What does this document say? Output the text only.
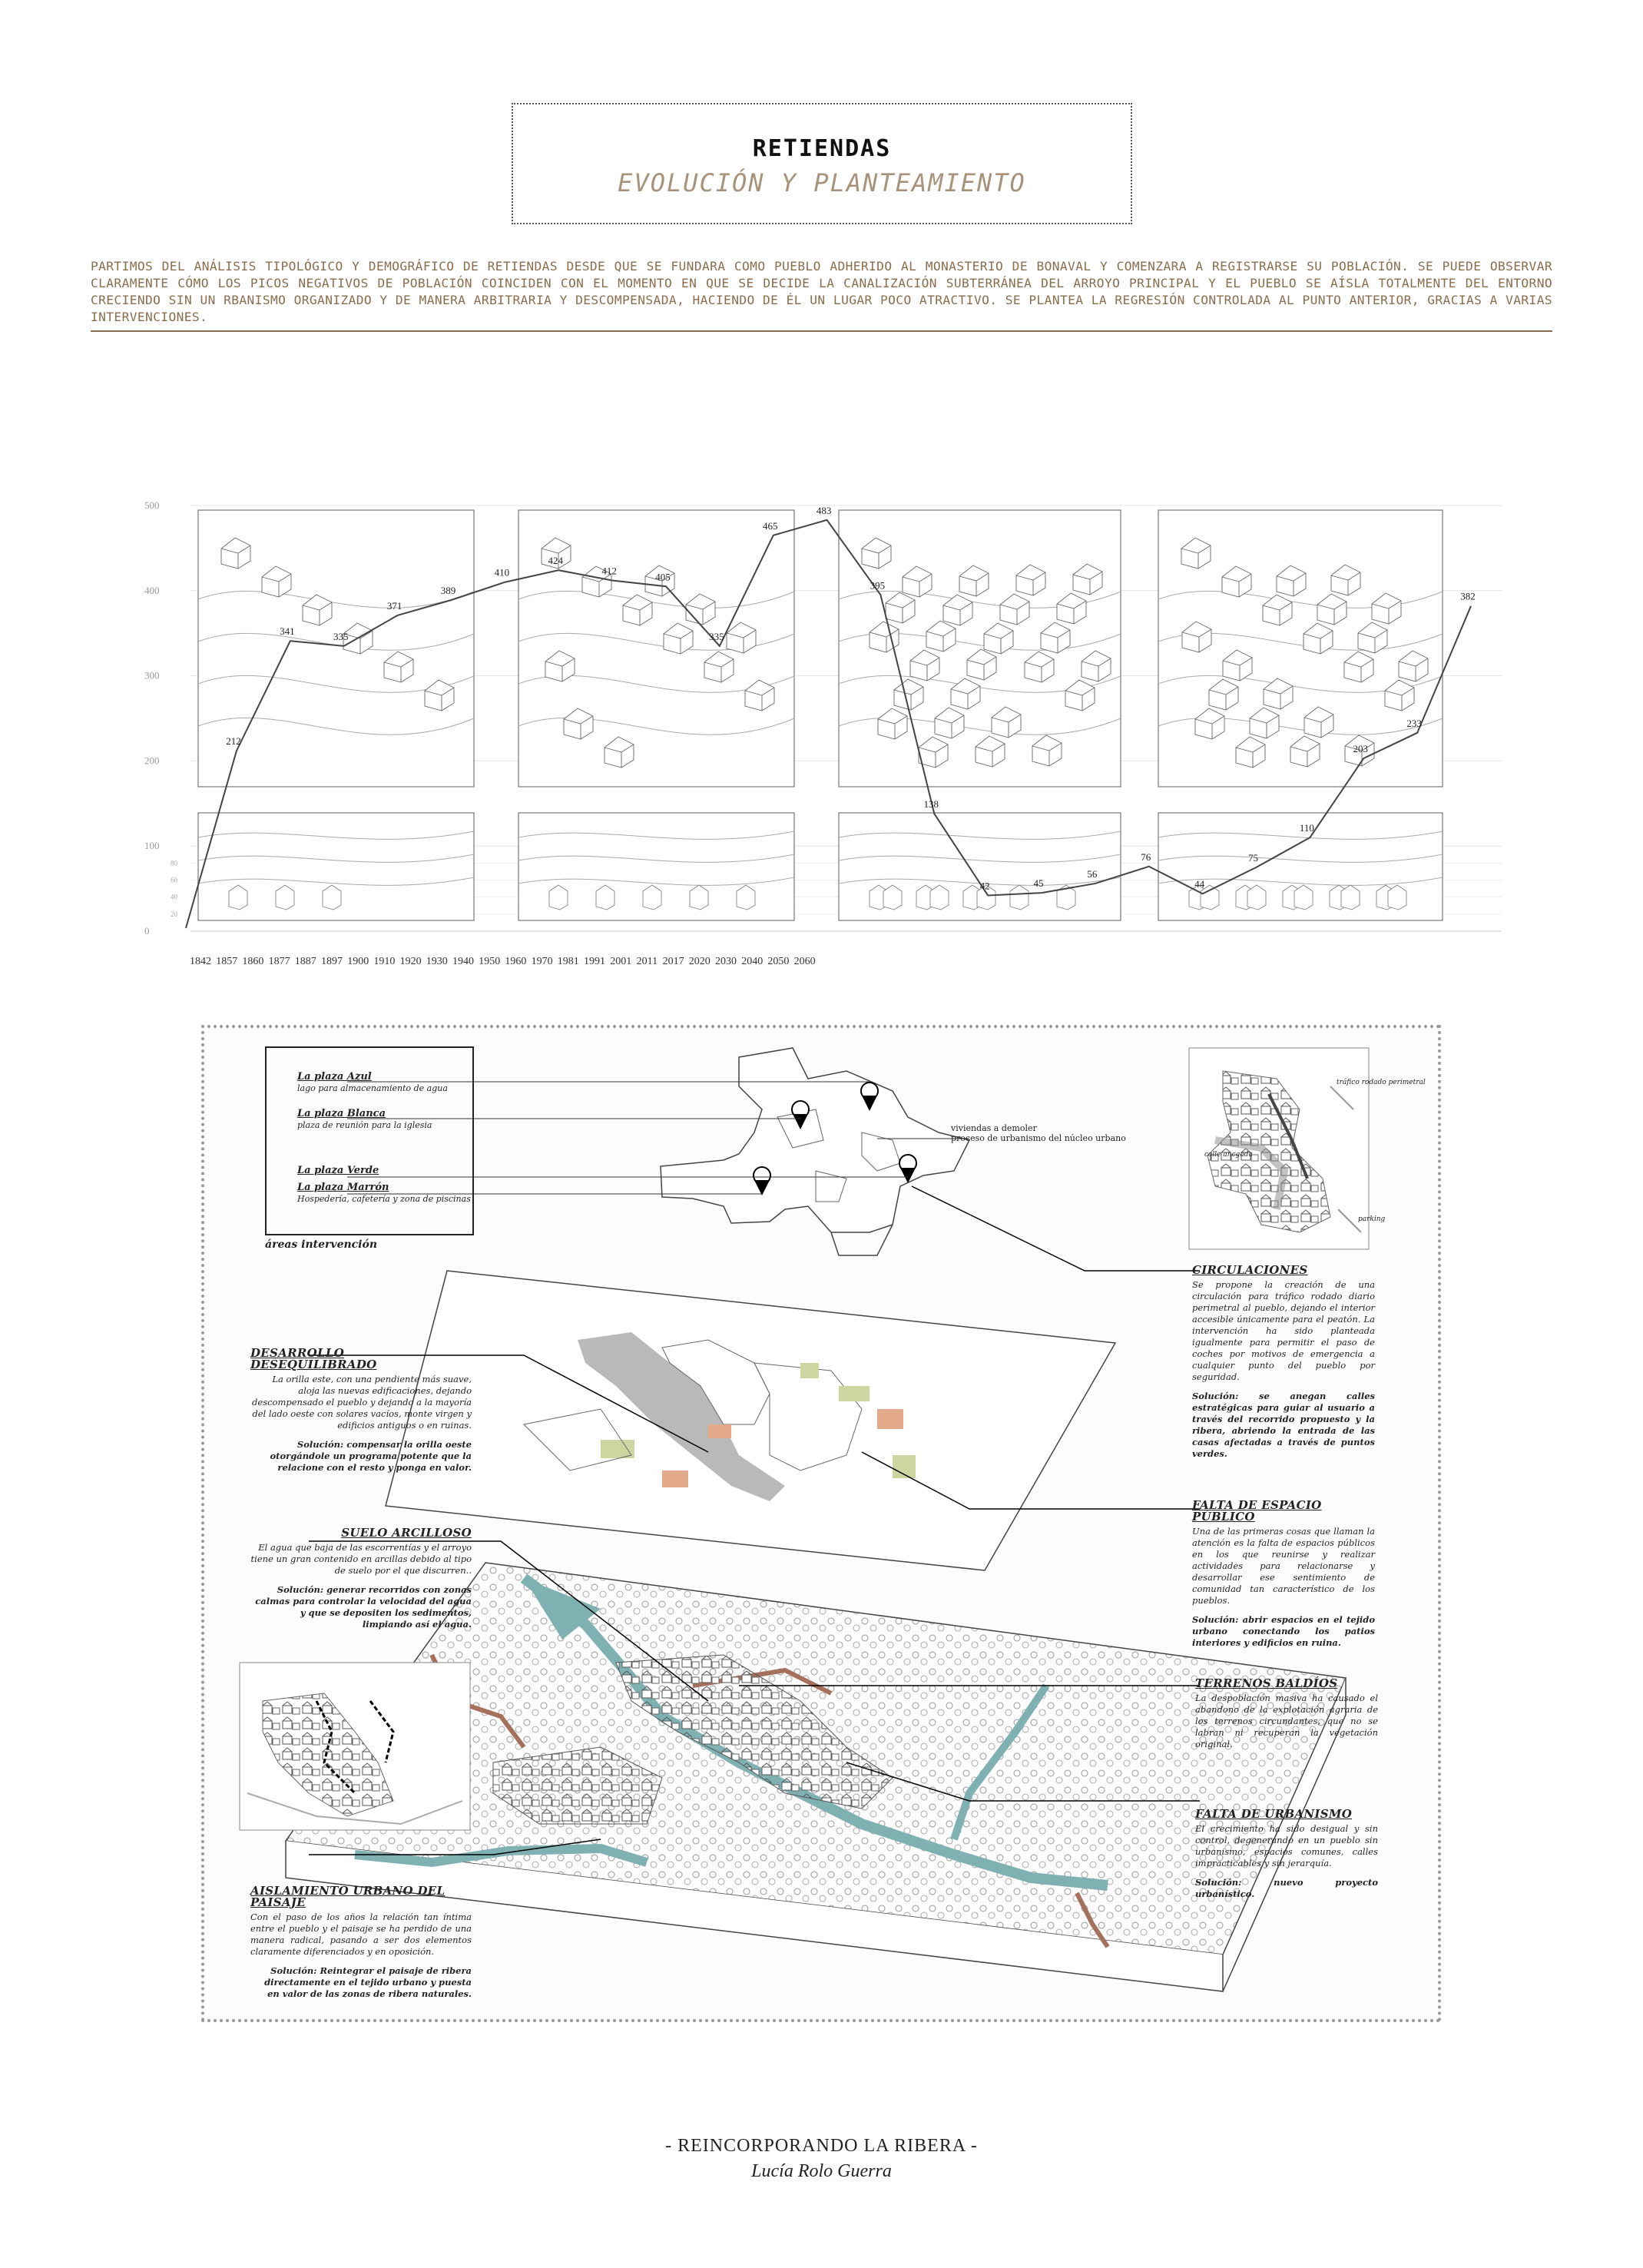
RETIENDAS
EVOLUCIÓN Y PLANTEAMIENTO
PARTIMOS DEL ANÁLISIS TIPOLÓGICO Y DEMOGRÁFICO DE RETIENDAS DESDE QUE SE FUNDARA COMO PUEBLO ADHERIDO AL MONASTERIO DE BONAVAL Y COMENZARA A REGISTRARSE SU POBLACIÓN. SE PUEDE OBSERVAR CLARAMENTE CÓMO LOS PICOS NEGATIVOS DE POBLACIÓN COINCIDEN CON EL MOMENTO EN QUE SE DECIDE LA CANALIZACIÓN SUBTERRÁNEA DEL ARROYO PRINCIPAL Y EL PUEBLO SE AÍSLA TOTALMENTE DEL ENTORNO CRECIENDO SIN UN RBANISMO ORGANIZADO Y DE MANERA ARBITRARIA Y DESCOMPENSADA, HACIENDO DE ÉL UN LUGAR POCO ATRACTIVO. SE PLANTEA LA REGRESIÓN CONTROLADA AL PUNTO ANTERIOR, GRACIAS A VARIAS INTERVENCIONES.
0
100
200
300
400
500
20
40
60
80
1842 1857 1860 1877 1887 1897 1900 1910 1920 1930 1940 1950 1960 1970 1981 1991 2001 2011 2017 2020 2030 2040 2050 2060
212
341	335
371
389
410
424
412
405
335
465
483
395
138
42	45
56
76
44
75
110
203
233
382
La plaza Azul
lago para almacenamiento de agua
La plaza Blanca
plaza de reunión para la iglesia
La plaza Verde
La plaza Marrón
Hospedería, cafetería y zona de piscinas
áreas intervención
viviendas a demoler
proceso de urbanismo del núcleo urbano
tráfico rodado perimetral
calle ancgada
parking
CIRCULACIONES
Se propone la creación de una circulación para tráfico rodado diario perimetral al pueblo, dejando el interior accesible únicamente para el peatón. La intervención ha sido planteada igualmente para permitir el paso de coches por motivos de emergencia a cualquier punto del pueblo por seguridad.
Solución: se anegan calles estratégicas para guiar al usuario a través del recorrido propuesto y la ribera, abriendo la entrada de las casas afectadas a través de puntos verdes.
DESARROLLO DESEQUILIBRADO
La orilla este, con una pendiente más suave, aloja las nuevas edificaciones, dejando descompensado el pueblo y dejando a la mayoría del lado oeste con solares vacíos, monte virgen y edificios antiguos o en ruinas.
Solución: compensar la orilla oeste otorgándole un programa potente que la relacione con el resto y ponga en valor.
FALTA DE ESPACIO PÚBLICO
Una de las primeras cosas que llaman la atención es la falta de espacios públicos en los que reunirse y realizar actividades para relacionarse y desarrollar ese sentimiento de comunidad tan característico de los pueblos.
Solución: abrir espacios en el tejido urbano conectando los patios interiores y edificios en ruina.
SUELO ARCILLOSO
El agua que baja de las escorrentías y el arroyo tiene un gran contenido en arcillas debido al tipo de suelo por el que discurren..
Solución: generar recorridos con zonas calmas para controlar la velocidad del agua y que se depositen los sedimentos, limpiando así el agua.
TERRENOS BALDÍOS
La despoblación masiva ha causado el abandono de la explotación agraria de los terrenos circundantes, que no se labran ni recuperan la vegetación original.
FALTA DE URBANISMO
El crecimiento ha sido desigual y sin control, degenerando en un pueblo sin urbanismo, espacios comunes, calles impracticables y sin jerarquía.
Solución: nuevo proyecto urbanístico.
AISLAMIENTO URBANO DEL PAISAJE
Con el paso de los años la relación tan íntima entre el pueblo y el paisaje se ha perdido de una manera radical, pasando a ser dos elementos claramente diferenciados y en oposición.
Solución: Reintegrar el paisaje de ribera directamente en el tejido urbano y puesta en valor de las zonas de ribera naturales.
- REINCORPORANDO LA RIBERA -
Lucía Rolo Guerra
